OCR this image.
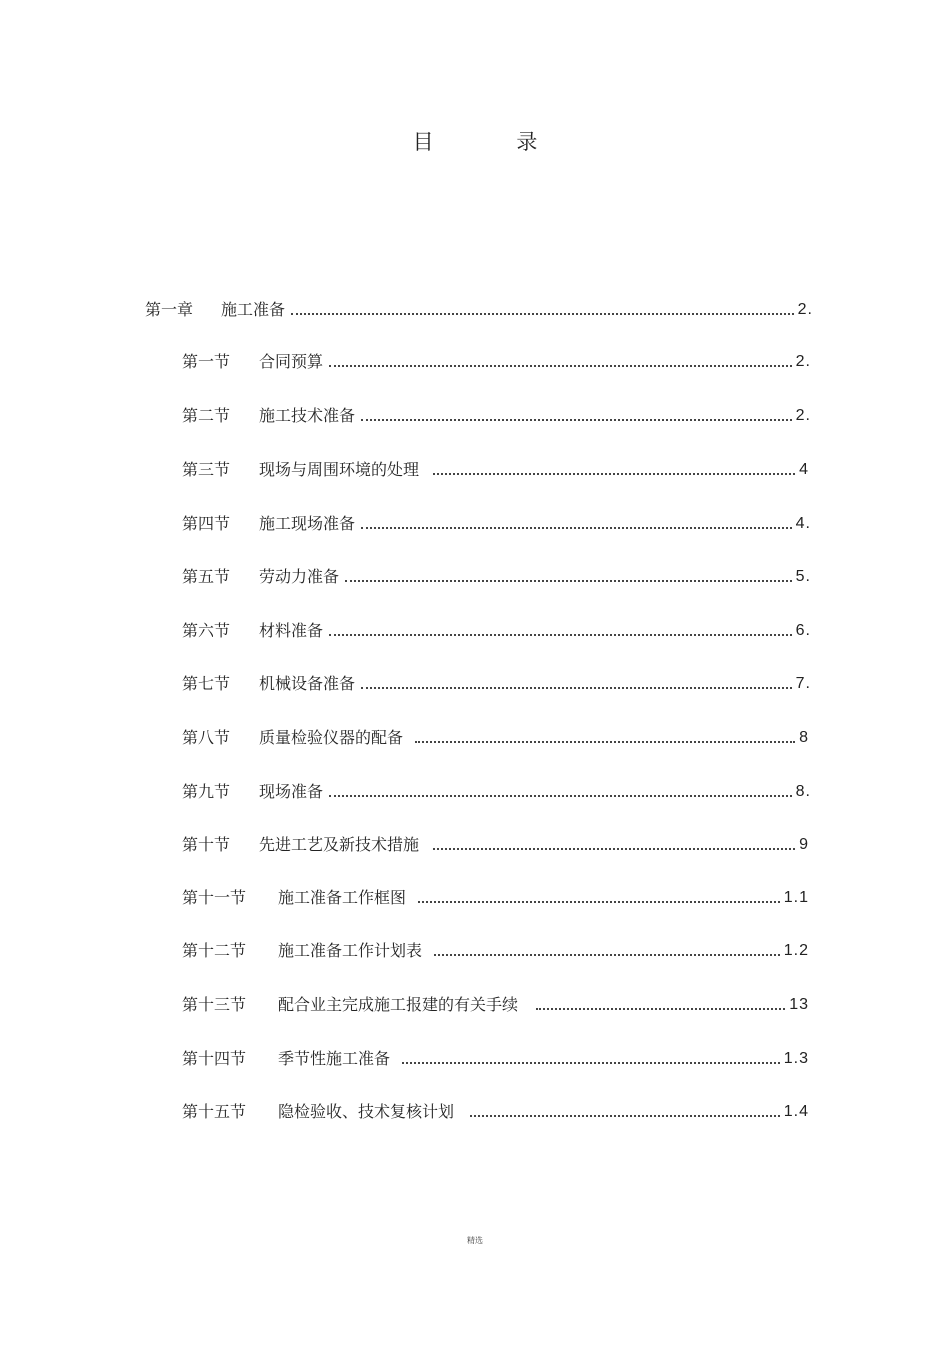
目 录
第一章	施工准备	2.
第一节	合同预算	2.
第二节	施工技术准备	2.
第三节	现场与周围环境的处理	4
第四节	施工现场准备	4.
第五节	劳动力准备	5.
第六节	材料准备	6.
第七节	机械设备准备	7.
第八节	质量检验仪器的配备	8
第九节	现场准备	8.
第十节	先进工艺及新技术措施	9
第十一节	施工准备工作框图	1.1
第十二节	施工准备工作计划表	1.2
第十三节	配合业主完成施工报建的有关手续	13
第十四节	季节性施工准备	1.3
第十五节	隐检验收、技术复核计划	1.4
精选
